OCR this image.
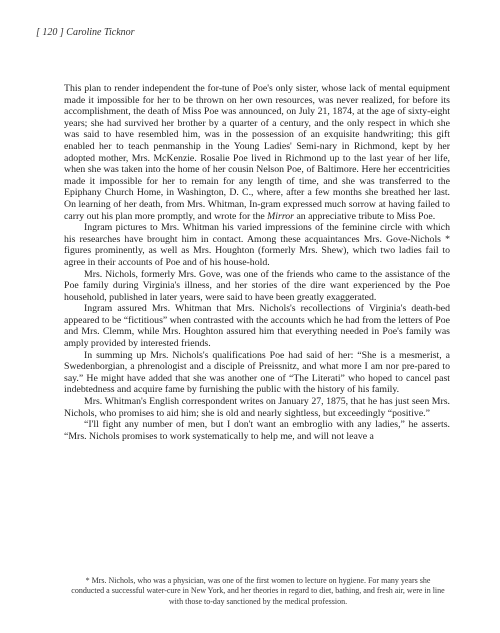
[ 120 ] Caroline Ticknor

This plan to render independent the for-tune of Poe's only sister, whose lack of mental equipment made it impossible for her to be thrown on her own resources, was never realized, for before its accomplishment, the death of Miss Poe was announced, on July 21, 1874, at the age of sixty-eight years; she had survived her brother by a quarter of a century, and the only respect in which she was said to have resembled him, was in the possession of an exquisite handwriting; this gift enabled her to teach penmanship in the Young Ladies' Semi-nary in Richmond, kept by her adopted mother, Mrs. McKenzie. Rosalie Poe lived in Richmond up to the last year of her life, when she was taken into the home of her cousin Nelson Poe, of Baltimore. Here her eccentricities made it impossible for her to remain for any length of time, and she was transferred to the Epiphany Church Home, in Washington, D. C., where, after a few months she breathed her last. On learning of her death, from Mrs. Whitman, In-gram expressed much sorrow at having failed to carry out his plan more promptly, and wrote for the Mirror an appreciative tribute to Miss Poe.

Ingram pictures to Mrs. Whitman his varied impressions of the feminine circle with which his researches have brought him in contact. Among these acquaintances Mrs. Gove-Nichols * figures prominently, as well as Mrs. Houghton (formerly Mrs. Shew), which two ladies fail to agree in their accounts of Poe and of his house-hold.

Mrs. Nichols, formerly Mrs. Gove, was one of the friends who came to the assistance of the Poe family during Virginia's illness, and her stories of the dire want experienced by the Poe household, published in later years, were said to have been greatly exaggerated.

Ingram assured Mrs. Whitman that Mrs. Nichols's recollections of Virginia's death-bed appeared to be “fictitious” when contrasted with the accounts which he had from the letters of Poe and Mrs. Clemm, while Mrs. Houghton assured him that everything needed in Poe's family was amply provided by interested friends.

In summing up Mrs. Nichols's qualifications Poe had said of her: “She is a mesmerist, a Swedenborgian, a phrenologist and a disciple of Preissnitz, and what more I am nor pre-pared to say.” He might have added that she was another one of “The Literati” who hoped to cancel past indebtedness and acquire fame by furnishing the public with the history of his family.

Mrs. Whitman's English correspondent writes on January 27, 1875, that he has just seen Mrs. Nichols, who promises to aid him; she is old and nearly sightless, but exceedingly “positive.”

“I'll fight any number of men, but I don't want an embroglio with any ladies,” he asserts. “Mrs. Nichols promises to work systematically to help me, and will not leave a

* Mrs. Nichols, who was a physician, was one of the first women to lecture on hygiene. For many years she conducted a successful water-cure in New York, and her theories in regard to diet, bathing, and fresh air, were in line with those to-day sanctioned by the medical profession.
